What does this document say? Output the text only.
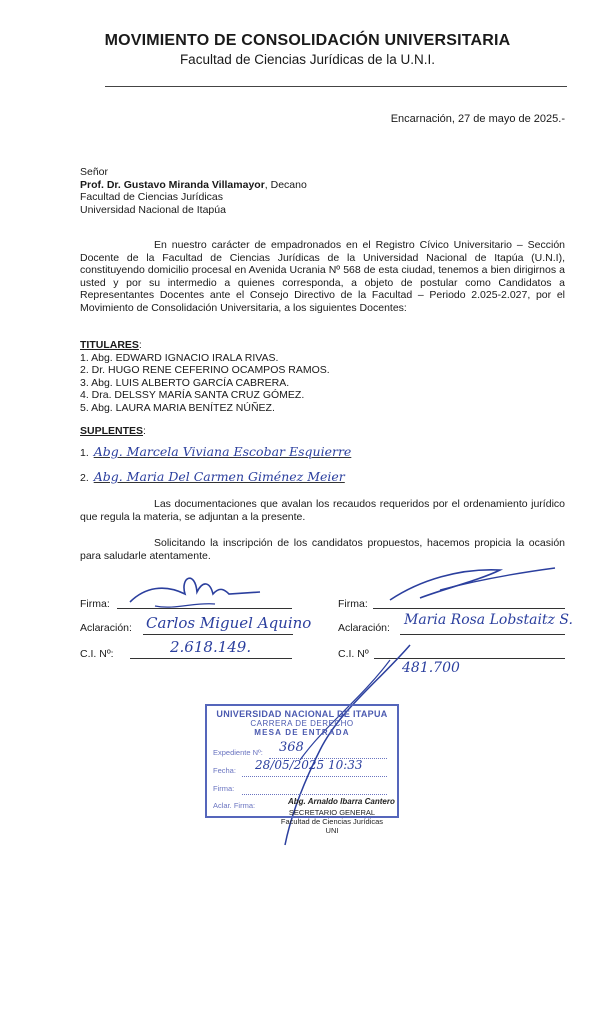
MOVIMIENTO DE CONSOLIDACIÓN UNIVERSITARIA
Facultad de Ciencias Jurídicas de la U.N.I.
Encarnación, 27 de mayo de 2025.-
Señor
Prof. Dr. Gustavo Miranda Villamayor, Decano
Facultad de Ciencias Jurídicas
Universidad Nacional de Itapúa
En nuestro carácter de empadronados en el Registro Cívico Universitario – Sección Docente de la Facultad de Ciencias Jurídicas de la Universidad Nacional de Itapúa (U.N.I), constituyendo domicilio procesal en Avenida Ucrania Nº 568 de esta ciudad, tenemos a bien dirigirnos a usted y por su intermedio a quienes corresponda, a objeto de postular como Candidatos a Representantes Docentes ante el Consejo Directivo de la Facultad – Periodo 2.025-2.027, por el Movimiento de Consolidación Universitaria, a los siguientes Docentes:
TITULARES:
1. Abg. EDWARD IGNACIO IRALA RIVAS.
2. Dr. HUGO RENE CEFERINO OCAMPOS RAMOS.
3. Abg. LUIS ALBERTO GARCÍA CABRERA.
4. Dra. DELSSY MARÍA SANTA CRUZ GÓMEZ.
5. Abg. LAURA MARIA BENÍTEZ NÚÑEZ.
SUPLENTES:
1. Abg. Marcela Viviana Escobar Esquierre
2. Abg. Maria Del Carmen Giménez Meier
Las documentaciones que avalan los recaudos requeridos por el ordenamiento jurídico que regula la materia, se adjuntan a la presente.
Solicitando la inscripción de los candidatos propuestos, hacemos propicia la ocasión para saludarle atentamente.
Firma:
Aclaración: Carlos Miguel Aquino
C.I. Nº:	2.618.149.
Firma:
Aclaración: Maria Rosa Lobstaitz S.
C.I. Nº
481.700
UNIVERSIDAD NACIONAL DE ITAPUA
CARRERA DE DERECHO
MESA DE ENTRADA
Expediente Nº: 368
Fecha: 28/05/2025 10:33
Firma:
Aclar. Firma:	Abg. Arnaldo Ibarra Cantero
SECRETARIO GENERAL
Facultad de Ciencias Jurídicas
UNI
